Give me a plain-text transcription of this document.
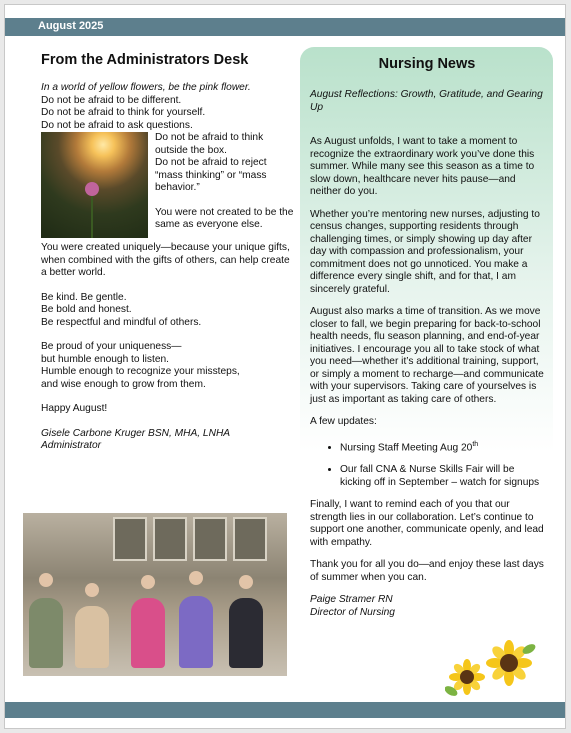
August 2025
From the Administrators Desk

In a world of yellow flowers, be the pink flower.

Do not be afraid to be different.

Do not be afraid to think for yourself.

Do not be afraid to ask questions.

Do not be afraid to think outside the box.

Do not be afraid to reject “mass thinking” or “mass behavior.”

You were not created to be the same as everyone else.

You were created uniquely—because your unique gifts, when combined with the gifts of others, can help create a better world.

Be kind. Be gentle.

Be bold and honest.

Be respectful and mindful of others.

Be proud of your uniqueness—

but humble enough to listen.

Humble enough to recognize your missteps,

and wise enough to grow from them.

Happy August!

Gisele Carbone Kruger BSN, MHA, LNHA

Administrator

Nursing News

August Reflections: Growth, Gratitude, and Gearing Up

As August unfolds, I want to take a moment to recognize the extraordinary work you’ve done this summer. While many see this season as a time to slow down, healthcare never hits pause—and neither do you.

Whether you’re mentoring new nurses, adjusting to census changes, supporting residents through challenging times, or simply showing up day after day with compassion and professionalism, your commitment does not go unnoticed. You make a difference every single shift, and for that, I am sincerely grateful.

August also marks a time of transition. As we move closer to fall, we begin preparing for back-to-school health needs, flu season planning, and end-of-year initiatives. I encourage you all to take stock of what you need—whether it’s additional training, support, or simply a moment to recharge—and communicate with your supervisors. Taking care of yourselves is just as important as taking care of others.

A few updates:

• Nursing Staff Meeting Aug 20th
• Our fall CNA & Nurse Skills Fair will be kicking off in September – watch for signups

Finally, I want to remind each of you that our strength lies in our collaboration. Let’s continue to support one another, communicate openly, and lead with empathy.

Thank you for all you do—and enjoy these last days of summer when you can.

Paige Stramer RN

Director of Nursing
